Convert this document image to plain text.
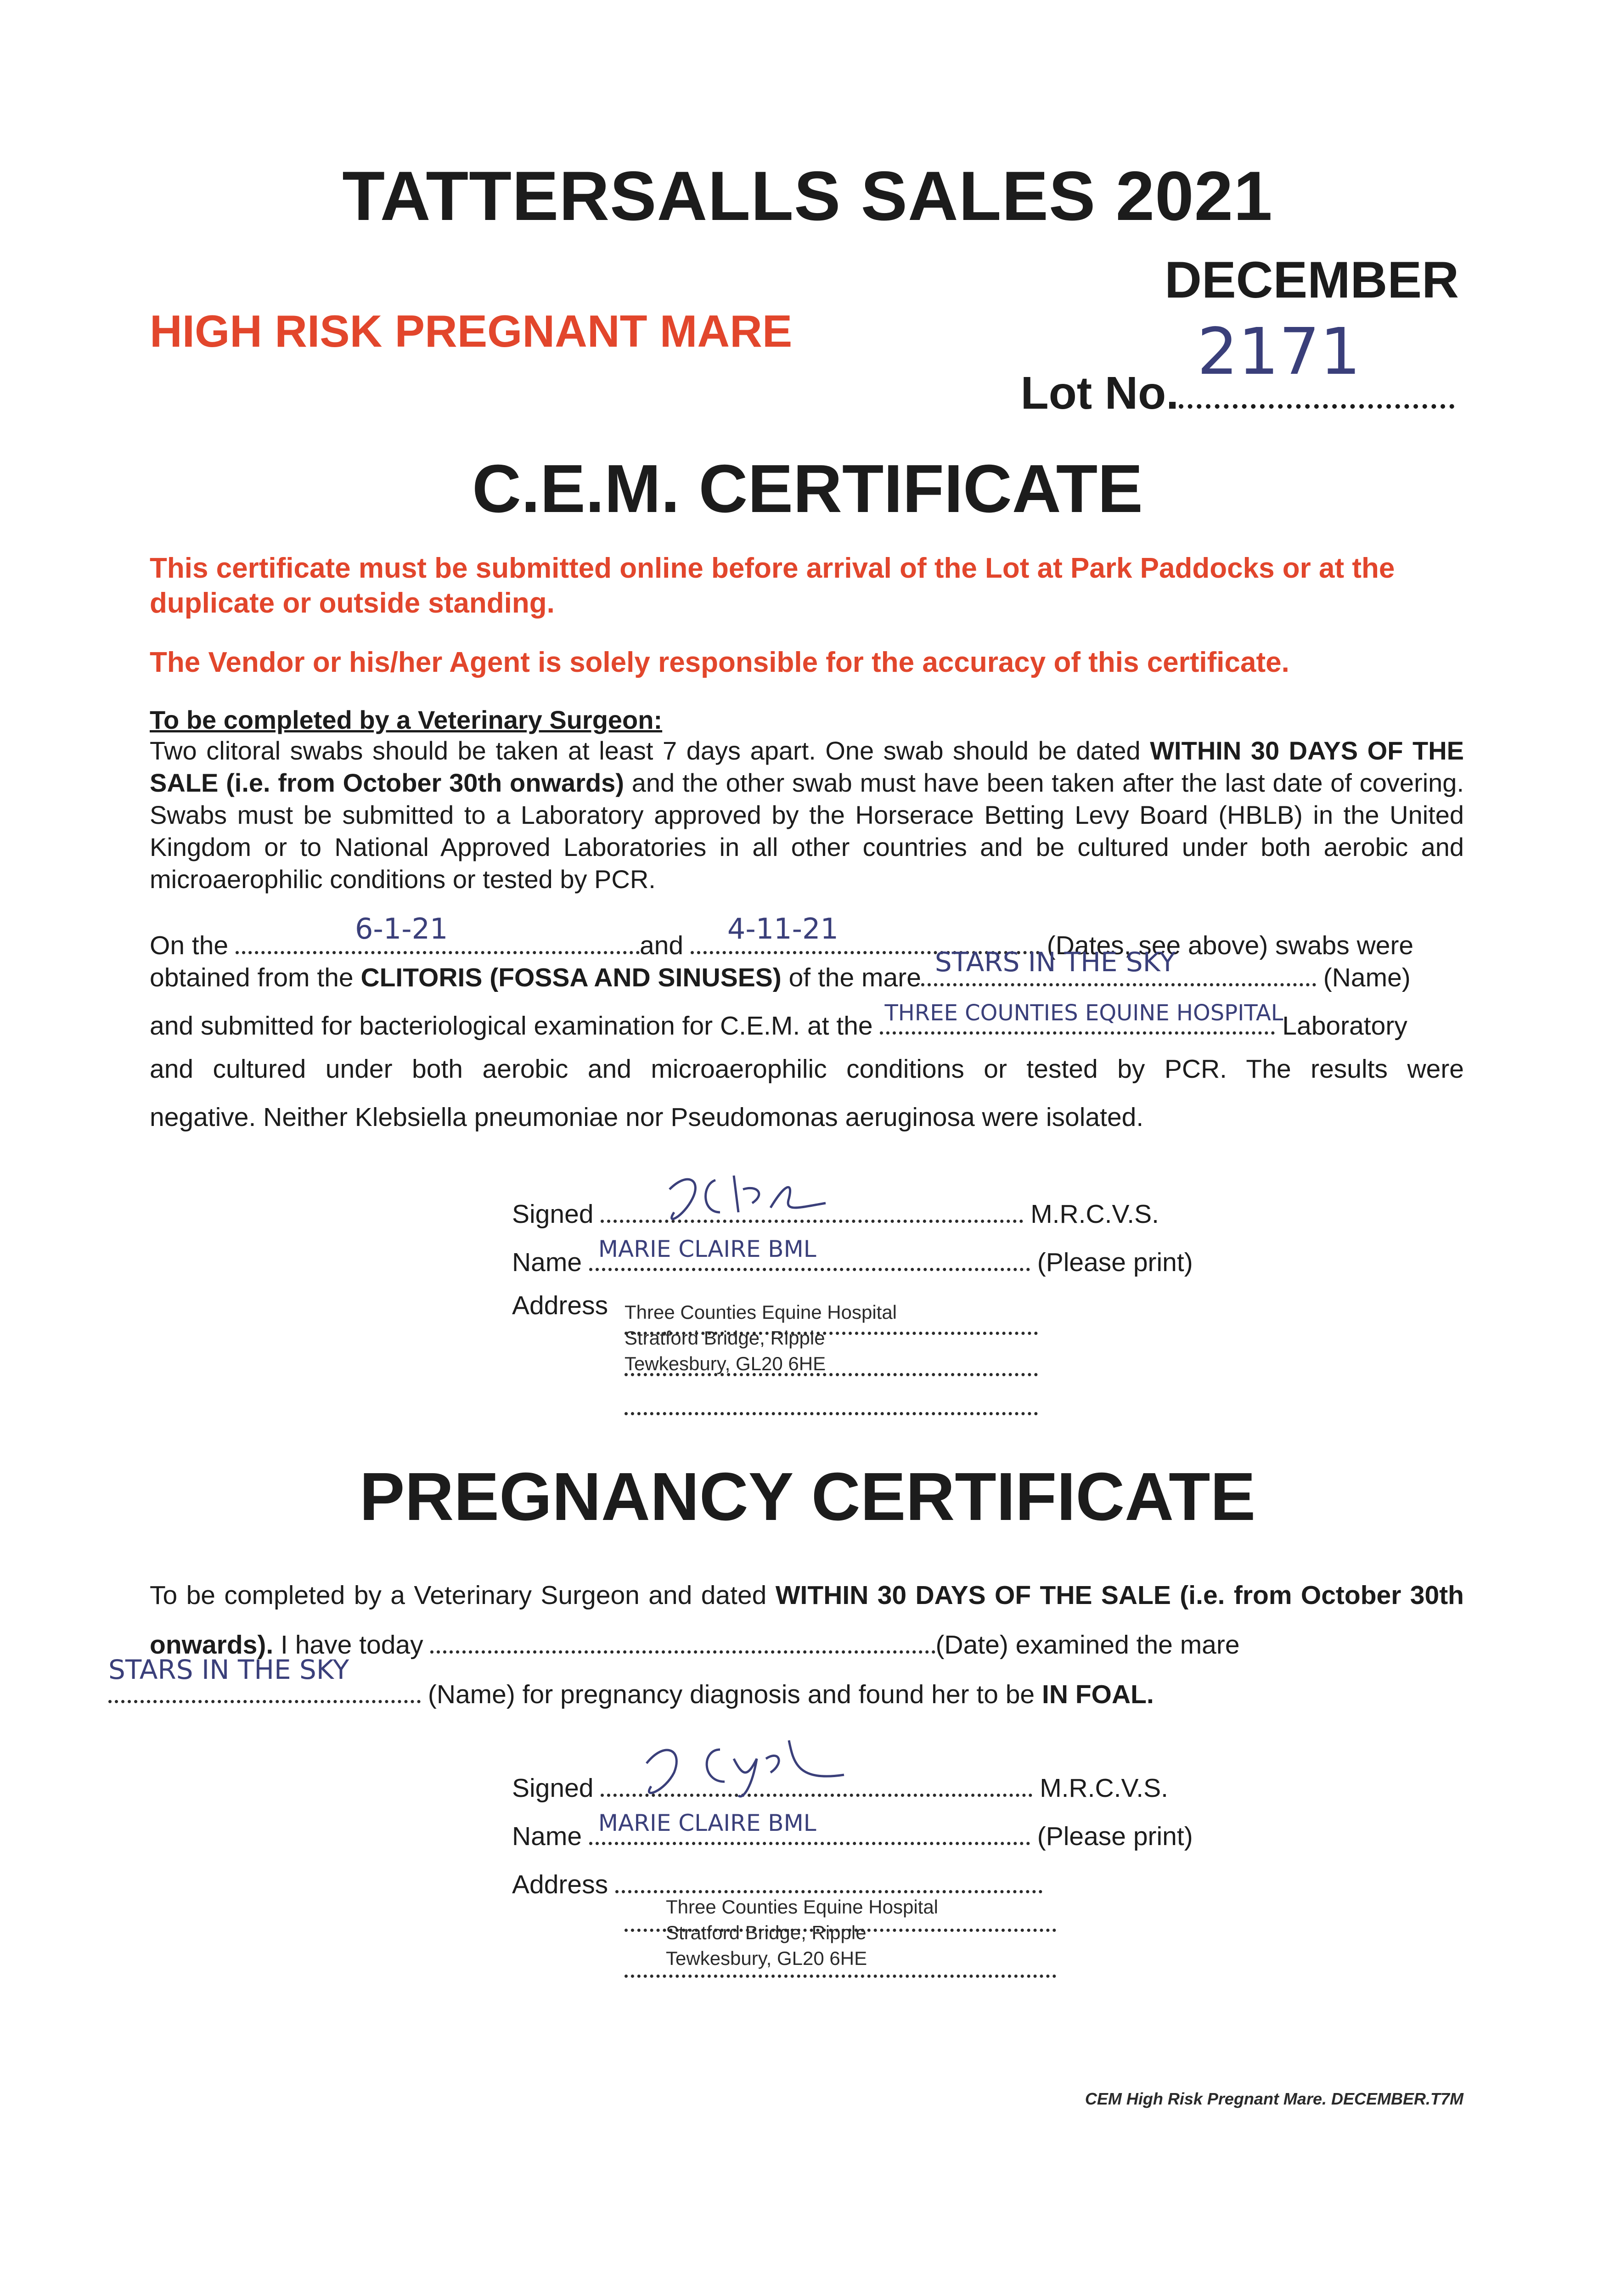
TATTERSALLS SALES 2021
DECEMBER
HIGH RISK PREGNANT MARE
Lot No.
2171
C.E.M. CERTIFICATE
This certificate must be submitted online before arrival of the Lot at Park Paddocks or at the duplicate or outside standing.
The Vendor or his/her Agent is solely responsible for the accuracy of this certificate.
To be completed by a Veterinary Surgeon:
Two clitoral swabs should be taken at least 7 days apart. One swab should be dated WITHIN 30 DAYS OF THE SALE (i.e. from October 30th onwards) and the other swab must have been taken after the last date of covering. Swabs must be submitted to a Laboratory approved by the Horserace Betting Levy Board (HBLB) in the United Kingdom or to National Approved Laboratories in all other countries and be cultured under both aerobic and microaerophilic conditions or tested by PCR.
On the	6-1-21	and 4-11-21	(Dates, see above) swabs were
obtained from the CLITORIS (FOSSA AND SINUSES) of the mare STARS IN THE SKY	(Name)
and submitted for bacteriological examination for C.E.M. at the THREE COUNTIES EQUINE HOSPITAL
Laboratory
and cultured under both aerobic and microaerophilic conditions or tested by PCR. The results were
negative. Neither Klebsiella pneumoniae nor Pseudomonas aeruginosa were isolated.
Signed	M.R.C.V.S.
Name MARIE CLAIRE BML	(Please print)
Address Three Counties Equine Hospital
Stratford Bridge, Ripple
Tewkesbury, GL20 6HE
PREGNANCY CERTIFICATE
To be completed by a Veterinary Surgeon and dated WITHIN 30 DAYS OF THE SALE (i.e. from October 30th onwards). I have today	(Date) examined the mare

STARS IN THE SKY
(Name) for pregnancy diagnosis and found her to be IN FOAL.
Signed	M.R.C.V.S.
Name MARIE CLAIRE BML	(Please print)
Address
Three Counties Equine Hospital
Stratford Bridge, Ripple
Tewkesbury, GL20 6HE
CEM High Risk Pregnant Mare. DECEMBER.T7M
